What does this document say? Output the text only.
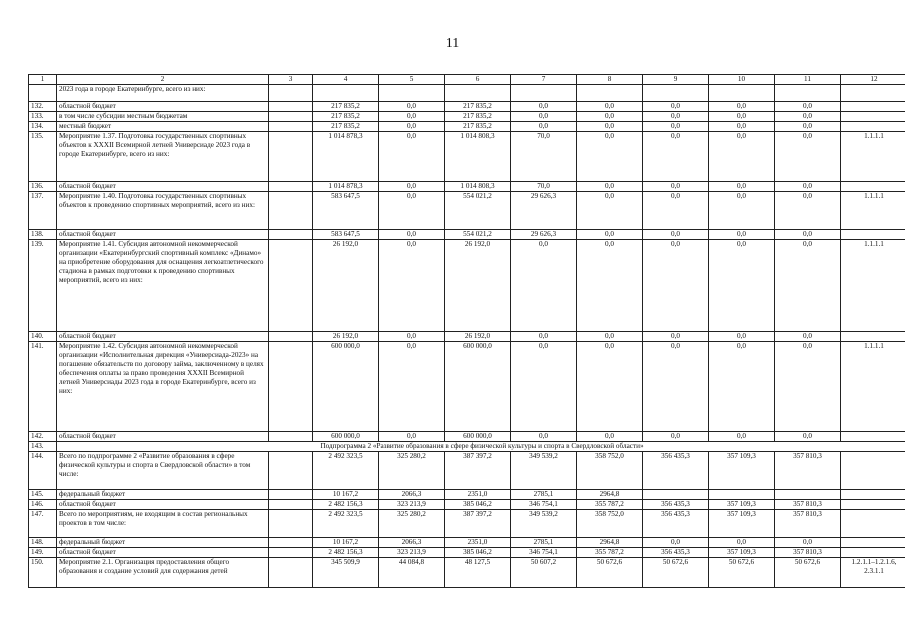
11
1	2	3	4	5	6	7	8	9	10	11	12
	2023 года в городе Екатеринбурге, всего из них:										
132.	областной бюджет		217 835,2	0,0	217 835,2	0,0	0,0	0,0	0,0	0,0	
133.	в том числе субсидии местным бюджетам		217 835,2	0,0	217 835,2	0,0	0,0	0,0	0,0	0,0	
134.	местный бюджет		217 835,2	0,0	217 835,2	0,0	0,0	0,0	0,0	0,0	
135.	Мероприятие 1.37. Подготовка государственных спортивных объектов к XXXII Всемирной летней Универсиаде 2023 года в городе Екатеринбурге, всего из них:		1 014 878,3	0,0	1 014 808,3	70,0	0,0	0,0	0,0	0,0	1.1.1.1
136.	областной бюджет		1 014 878,3	0,0	1 014 808,3	70,0	0,0	0,0	0,0	0,0	
137.	Мероприятие 1.40. Подготовка государственных спортивных объектов к проведению спортивных мероприятий, всего из них:		583 647,5	0,0	554 021,2	29 626,3	0,0	0,0	0,0	0,0	1.1.1.1
138.	областной бюджет		583 647,5	0,0	554 021,2	29 626,3	0,0	0,0	0,0	0,0	
139.	Мероприятие 1.41. Субсидия автономной некоммерческой организации «Екатеринбургский спортивный комплекс «Динамо» на приобретение оборудования для оснащения легкоатлетического стадиона в рамках подготовки к проведению спортивных мероприятий, всего из них:		26 192,0	0,0	26 192,0	0,0	0,0	0,0	0,0	0,0	1.1.1.1
140.	областной бюджет		26 192,0	0,0	26 192,0	0,0	0,0	0,0	0,0	0,0	
141.	Мероприятие 1.42. Субсидия автономной некоммерческой организации «Исполнительная дирекция «Универсиада-2023» на погашение обязательств по договору займа, заключенному в целях обеспечения оплаты за право проведения XXXII Всемирной летней Универсиады 2023 года в городе Екатеринбурге, всего из них:		600 000,0	0,0	600 000,0	0,0	0,0	0,0	0,0	0,0	1.1.1.1
142.	областной бюджет		600 000,0	0,0	600 000,0	0,0	0,0	0,0	0,0	0,0	
143.	Подпрограмма 2 «Развитие образования в сфере физической культуры и спорта в Свердловской области»										
144.	Всего по подпрограмме 2 «Развитие образования в сфере физической культуры и спорта в Свердловской области» в том числе:		2 492 323,5	325 280,2	387 397,2	349 539,2	358 752,0	356 435,3	357 109,3	357 810,3	
145.	федеральный бюджет		10 167,2	2066,3	2351,0	2785,1	2964,8				
146.	областной бюджет		2 482 156,3	323 213,9	385 046,2	346 754,1	355 787,2	356 435,3	357 109,3	357 810,3	
147.	Всего по мероприятиям, не входящим в состав региональных проектов в том числе:		2 492 323,5	325 280,2	387 397,2	349 539,2	358 752,0	356 435,3	357 109,3	357 810,3	
148.	федеральный бюджет		10 167,2	2066,3	2351,0	2785,1	2964,8	0,0	0,0	0,0	
149.	областной бюджет		2 482 156,3	323 213,9	385 046,2	346 754,1	355 787,2	356 435,3	357 109,3	357 810,3	
150.	Мероприятие 2.1. Организация предоставления общего образования и создание условий для содержания детей		345 509,9	44 084,8	48 127,5	50 607,2	50 672,6	50 672,6	50 672,6	50 672,6	1.2.1.1–1.2.1.6, 2.3.1.1
